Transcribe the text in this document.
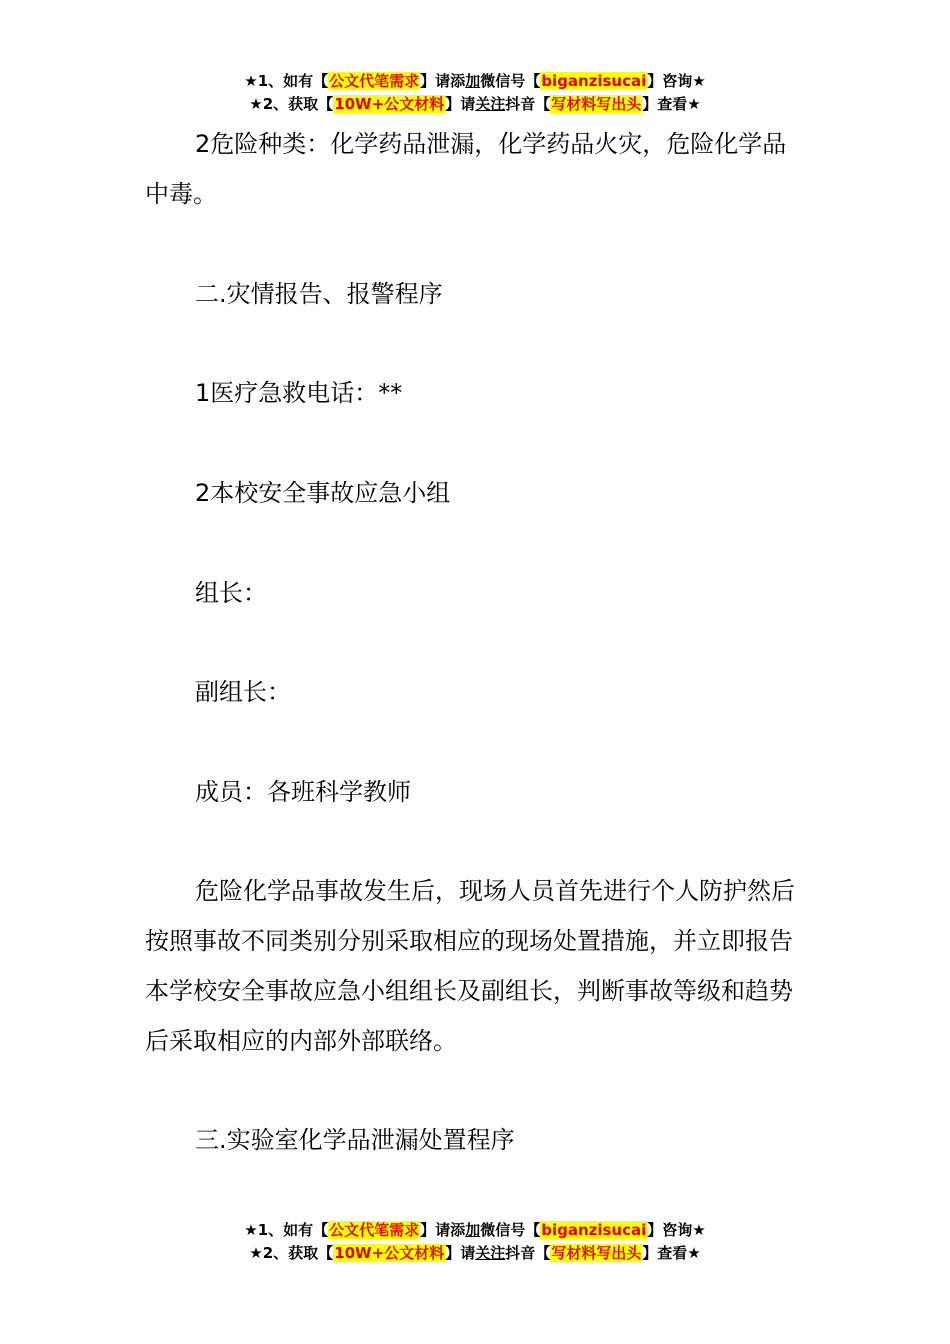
★1、如有【公文代笔需求】请添加微信号【biganzisucai】咨询★
★2、获取【10W+公文材料】请关注抖音【写材料写出头】查看★

2危险种类：化学药品泄漏，化学药品火灾，危险化学品中毒。

二.灾情报告、报警程序

1医疗急救电话：**

2本校安全事故应急小组

组长：

副组长：

成员：各班科学教师

危险化学品事故发生后，现场人员首先进行个人防护然后按照事故不同类别分别采取相应的现场处置措施，并立即报告本学校安全事故应急小组组长及副组长，判断事故等级和趋势后采取相应的内部外部联络。

三.实验室化学品泄漏处置程序

★1、如有【公文代笔需求】请添加微信号【biganzisucai】咨询★
★2、获取【10W+公文材料】请关注抖音【写材料写出头】查看★
